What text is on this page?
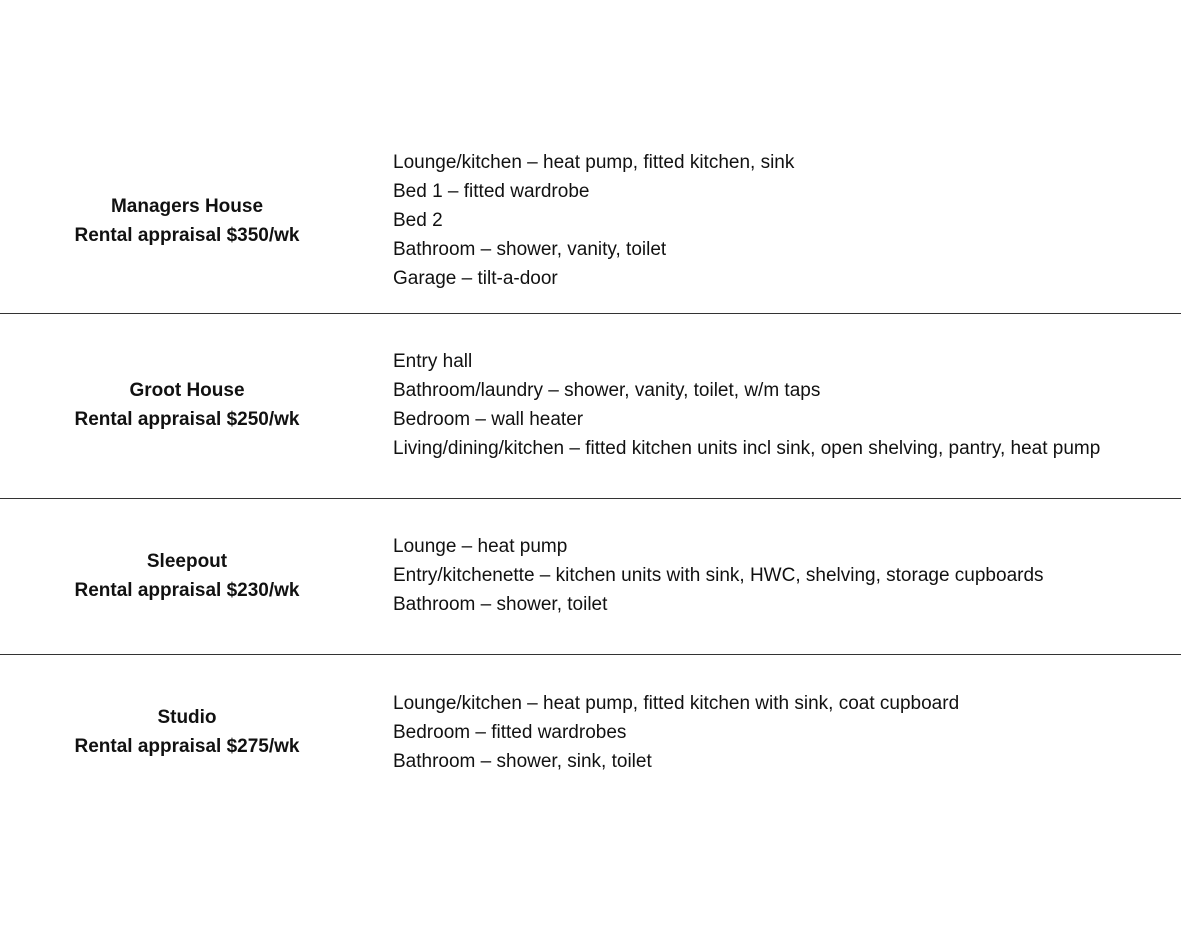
Managers House
Rental appraisal $350/wk
Lounge/kitchen – heat pump, fitted kitchen, sink
Bed 1 – fitted wardrobe
Bed 2
Bathroom – shower, vanity, toilet
Garage – tilt-a-door
Groot House
Rental appraisal $250/wk
Entry hall
Bathroom/laundry – shower, vanity, toilet, w/m taps
Bedroom – wall heater
Living/dining/kitchen – fitted kitchen units incl sink, open shelving, pantry, heat pump
Sleepout
Rental appraisal $230/wk
Lounge – heat pump
Entry/kitchenette – kitchen units with sink, HWC, shelving, storage cupboards
Bathroom – shower, toilet
Studio
Rental appraisal $275/wk
Lounge/kitchen – heat pump, fitted kitchen with sink, coat cupboard
Bedroom – fitted wardrobes
Bathroom – shower, sink, toilet
